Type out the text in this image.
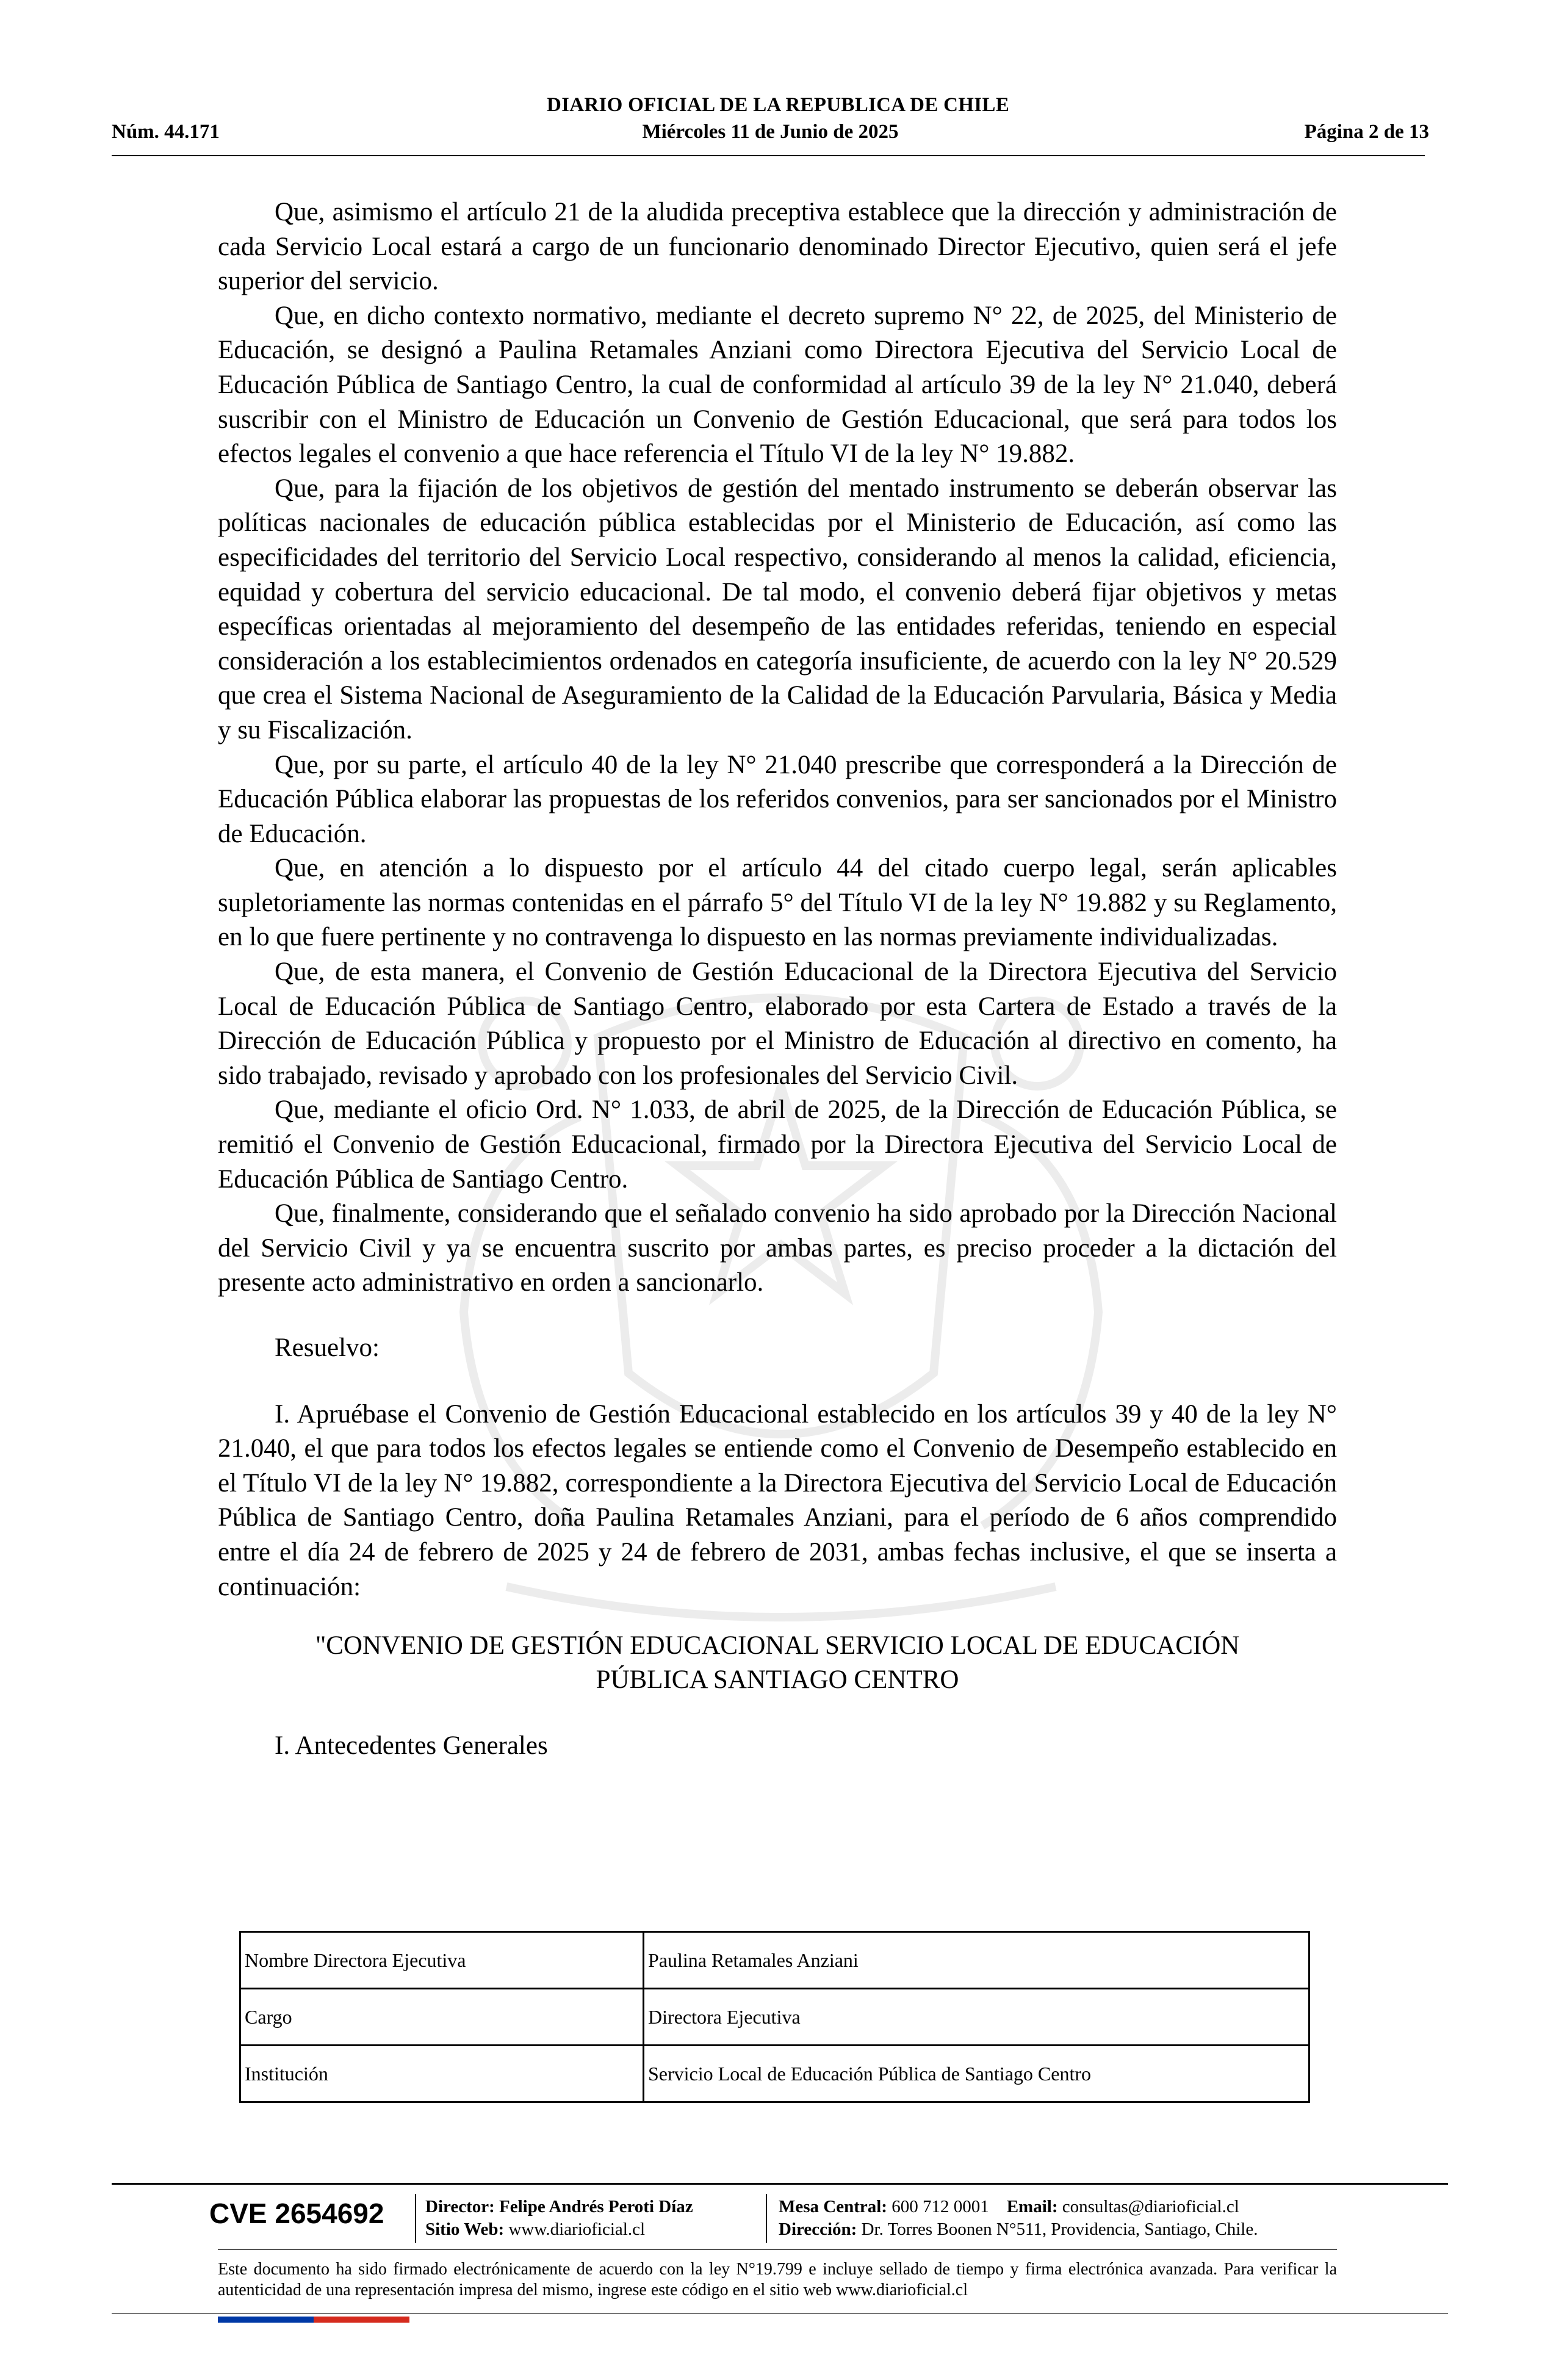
DIARIO OFICIAL DE LA REPUBLICA DE CHILE
Núm. 44.171	Miércoles 11 de Junio de 2025	Página 2 de 13

Que, asimismo el artículo 21 de la aludida preceptiva establece que la dirección y administración de cada Servicio Local estará a cargo de un funcionario denominado Director Ejecutivo, quien será el jefe superior del servicio.

Que, en dicho contexto normativo, mediante el decreto supremo N° 22, de 2025, del Ministerio de Educación, se designó a Paulina Retamales Anziani como Directora Ejecutiva del Servicio Local de Educación Pública de Santiago Centro, la cual de conformidad al artículo 39 de la ley N° 21.040, deberá suscribir con el Ministro de Educación un Convenio de Gestión Educacional, que será para todos los efectos legales el convenio a que hace referencia el Título VI de la ley N° 19.882.

Que, para la fijación de los objetivos de gestión del mentado instrumento se deberán observar las políticas nacionales de educación pública establecidas por el Ministerio de Educación, así como las especificidades del territorio del Servicio Local respectivo, considerando al menos la calidad, eficiencia, equidad y cobertura del servicio educacional. De tal modo, el convenio deberá fijar objetivos y metas específicas orientadas al mejoramiento del desempeño de las entidades referidas, teniendo en especial consideración a los establecimientos ordenados en categoría insuficiente, de acuerdo con la ley N° 20.529 que crea el Sistema Nacional de Aseguramiento de la Calidad de la Educación Parvularia, Básica y Media y su Fiscalización.

Que, por su parte, el artículo 40 de la ley N° 21.040 prescribe que corresponderá a la Dirección de Educación Pública elaborar las propuestas de los referidos convenios, para ser sancionados por el Ministro de Educación.

Que, en atención a lo dispuesto por el artículo 44 del citado cuerpo legal, serán aplicables supletoriamente las normas contenidas en el párrafo 5° del Título VI de la ley N° 19.882 y su Reglamento, en lo que fuere pertinente y no contravenga lo dispuesto en las normas previamente individualizadas.

Que, de esta manera, el Convenio de Gestión Educacional de la Directora Ejecutiva del Servicio Local de Educación Pública de Santiago Centro, elaborado por esta Cartera de Estado a través de la Dirección de Educación Pública y propuesto por el Ministro de Educación al directivo en comento, ha sido trabajado, revisado y aprobado con los profesionales del Servicio Civil.

Que, mediante el oficio Ord. N° 1.033, de abril de 2025, de la Dirección de Educación Pública, se remitió el Convenio de Gestión Educacional, firmado por la Directora Ejecutiva del Servicio Local de Educación Pública de Santiago Centro.

Que, finalmente, considerando que el señalado convenio ha sido aprobado por la Dirección Nacional del Servicio Civil y ya se encuentra suscrito por ambas partes, es preciso proceder a la dictación del presente acto administrativo en orden a sancionarlo.

Resuelvo:

I. Apruébase el Convenio de Gestión Educacional establecido en los artículos 39 y 40 de la ley N° 21.040, el que para todos los efectos legales se entiende como el Convenio de Desempeño establecido en el Título VI de la ley N° 19.882, correspondiente a la Directora Ejecutiva del Servicio Local de Educación Pública de Santiago Centro, doña Paulina Retamales Anziani, para el período de 6 años comprendido entre el día 24 de febrero de 2025 y 24 de febrero de 2031, ambas fechas inclusive, el que se inserta a continuación:

"CONVENIO DE GESTIÓN EDUCACIONAL SERVICIO LOCAL DE EDUCACIÓN
PÚBLICA SANTIAGO CENTRO
I. Antecedentes Generales
Nombre Directora Ejecutiva	Paulina Retamales Anziani
Cargo	Directora Ejecutiva
Institución	Servicio Local de Educación Pública de Santiago Centro
CVE 2654692 Director: Felipe Andrés Peroti Díaz
Sitio Web: www.diarioficial.cl
Mesa Central: 600 712 0001 Email: consultas@diarioficial.cl
Dirección: Dr. Torres Boonen N°511, Providencia, Santiago, Chile.
Este documento ha sido firmado electrónicamente de acuerdo con la ley N°19.799 e incluye sellado de tiempo y firma electrónica avanzada. Para verificar la autenticidad de una representación impresa del mismo, ingrese este código en el sitio web www.diarioficial.cl
